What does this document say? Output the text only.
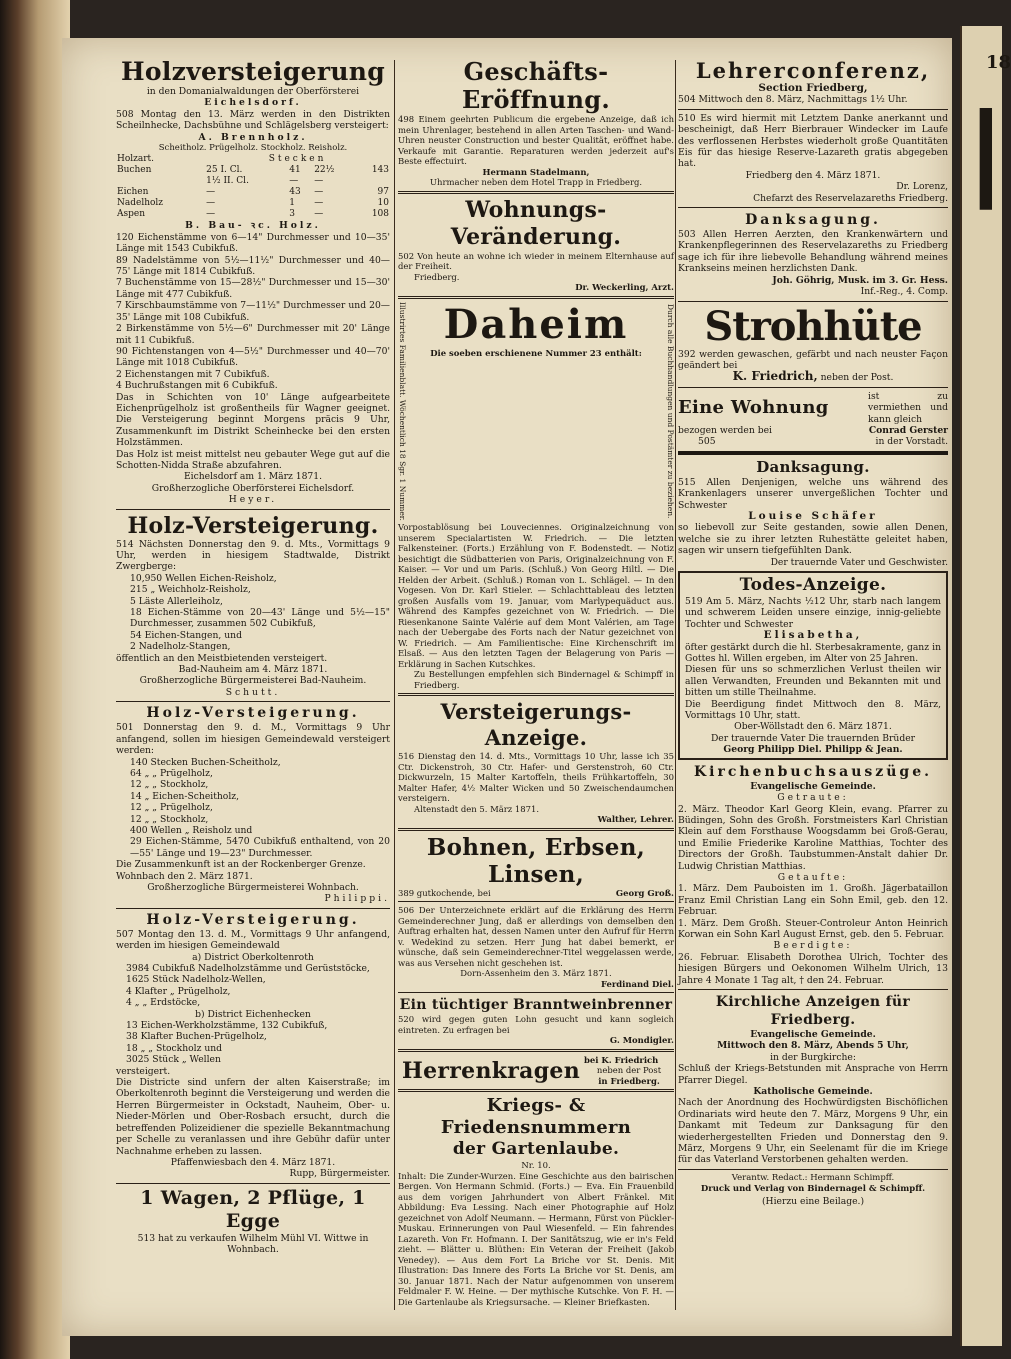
18
∣

Holzversteigerung

in den Domanialwaldungen der Oberförsterei

Eichelsdorf.

508 Montag den 13. März werden in den Distrikten Scheilnhecke, Dachsbühne und Schlägelsberg versteigert:

A. Brennholz.

Scheitholz. Prügelholz. Stockholz. Reisholz.

Holzart.	Stecken			
Buchen	25 I. Cl.	41	22½	143
	1½ II. Cl.	—	—	
Eichen	—	43	—	97
Nadelholz	—	1	—	10
Aspen	—	3	—	108

B. Bau- ꝛc. Holz.

120 Eichenstämme von 6—14" Durchmesser und 10—35' Länge mit 1543 Cubikfuß.

89 Nadelstämme von 5½—11½" Durchmesser und 40—75' Länge mit 1814 Cubikfuß.

7 Buchenstämme von 15—28½" Durchmesser und 15—30' Länge mit 477 Cubikfuß.

7 Kirschbaumstämme von 7—11½" Durchmesser und 20—35' Länge mit 108 Cubikfuß.

2 Birkenstämme von 5½—6" Durchmesser mit 20' Länge mit 11 Cubikfuß.

90 Fichtenstangen von 4—5½" Durchmesser und 40—70' Länge mit 1018 Cubikfuß.

2 Eichenstangen mit 7 Cubikfuß.

4 Buchrußstangen mit 6 Cubikfuß.

Das in Schichten von 10' Länge aufgearbeitete Eichenprügelholz ist großentheils für Wagner geeignet. Die Versteigerung beginnt Morgens präcis 9 Uhr, Zusammenkunft im Distrikt Scheinhecke bei den ersten Holzstämmen.

Das Holz ist meist mittelst neu gebauter Wege gut auf die Schotten-Nidda Straße abzufahren.

Eichelsdorf am 1. März 1871.

Großherzogliche Oberförsterei Eichelsdorf.

Heyer.

Holz-Versteigerung.

514 Nächsten Donnerstag den 9. d. Mts., Vormittags 9 Uhr, werden in hiesigem Stadtwalde, Distrikt Zwergberge:

10,950 Wellen Eichen-Reisholz,

215 „ Weichholz-Reisholz,

5 Läste Allerleiholz,

18 Eichen-Stämme von 20—43' Länge und 5½—15" Durchmesser, zusammen 502 Cubikfuß,

54 Eichen-Stangen, und

2 Nadelholz-Stangen,

öffentlich an den Meistbietenden versteigert.

Bad-Nauheim am 4. März 1871.

Großherzogliche Bürgermeisterei Bad-Nauheim.

Schutt.

Holz-Versteigerung.

501 Donnerstag den 9. d. M., Vormittags 9 Uhr anfangend, sollen im hiesigen Gemeindewald versteigert werden:

140 Stecken Buchen-Scheitholz,

64 „ „ Prügelholz,

12 „ „ Stockholz,

14 „ Eichen-Scheitholz,

12 „ „ Prügelholz,

12 „ „ Stockholz,

400 Wellen „ Reisholz und

29 Eichen-Stämme, 5470 Cubikfuß enthaltend, von 20—55' Länge und 19—23" Durchmesser.

Die Zusammenkunft ist an der Rockenberger Grenze.

Wohnbach den 2. März 1871.

Großherzogliche Bürgermeisterei Wohnbach.

Philippi.

Holz-Versteigerung.

507 Montag den 13. d. M., Vormittags 9 Uhr anfangend, werden im hiesigen Gemeindewald

a) District Oberkoltenroth

3984 Cubikfuß Nadelholzstämme und Gerüststöcke,

1625 Stück Nadelholz-Wellen,

4 Klafter „ Prügelholz,

4 „ „ Erdstöcke,

b) District Eichenhecken

13 Eichen-Werkholzstämme, 132 Cubikfuß,

38 Klafter Buchen-Prügelholz,

18 „ „ Stockholz und

3025 Stück „ Wellen

versteigert.

Die Districte sind unfern der alten Kaiserstraße; im Oberkoltenroth beginnt die Versteigerung und werden die Herren Bürgermeister in Ockstadt, Nauheim, Ober- u. Nieder-Mörlen und Ober-Rosbach ersucht, durch die betreffenden Polizeidiener die spezielle Bekanntmachung per Schelle zu veranlassen und ihre Gebühr dafür unter Nachnahme erheben zu lassen.

Pfaffenwiesbach den 4. März 1871.

Rupp, Bürgermeister.

1 Wagen, 2 Pflüge, 1 Egge

513 hat zu verkaufen Wilhelm Mühl VI. Wittwe in Wohnbach.

Geschäfts-Eröffnung.

498 Einem geehrten Publicum die ergebene Anzeige, daß ich mein Uhrenlager, bestehend in allen Arten Taschen- und Wand-Uhren neuster Construction und bester Qualität, eröffnet habe. Verkaufe mit Garantie. Reparaturen werden jederzeit auf's Beste effectuirt.

Hermann Stadelmann,

Uhrmacher neben dem Hotel Trapp in Friedberg.

Wohnungs-Veränderung.

502 Von heute an wohne ich wieder in meinem Elternhause auf der Freiheit.

Friedberg.

Dr. Weckerling, Arzt.

Illustrirtes Familienblatt. Wöchentlich 18 Sgr. 1 Nummer. Daheim

Die soeben erschienene Nummer 23 enthält:	Durch alle Buchhandlungen und Postämter zu beziehen.

Vorpostablösung bei Louveciennes. Originalzeichnung von unserem Specialartisten W. Friedrich. — Die letzten Falkensteiner. (Forts.) Erzählung von F. Bodenstedt. — Notiz besichtigt die Südbatterien von Paris, Originalzeichnung von F. Kaiser. — Vor und um Paris. (Schluß.) Von Georg Hiltl. — Die Helden der Arbeit. (Schluß.) Roman von L. Schlägel. — In den Vogesen. Von Dr. Karl Stieler. — Schlachttableau des letzten großen Ausfalls vom 19. Januar, vom Marlypequäduct aus. Während des Kampfes gezeichnet von W. Friedrich. — Die Riesenkanone Sainte Valérie auf dem Mont Valérien, am Tage nach der Uebergabe des Forts nach der Natur gezeichnet von W. Friedrich. — Am Familientische: Eine Kirchenschrift im Elsaß. — Aus den letzten Tagen der Belagerung von Paris — Erklärung in Sachen Kutschkes.

Zu Bestellungen empfehlen sich Bindernagel & Schimpff in Friedberg.

Versteigerungs-Anzeige.

516 Dienstag den 14. d. Mts., Vormittags 10 Uhr, lasse ich 35 Ctr. Dickenstroh, 30 Ctr. Hafer- und Gerstenstroh, 60 Ctr. Dickwurzeln, 15 Malter Kartoffeln, theils Frühkartoffeln, 30 Malter Hafer, 4½ Malter Wicken und 50 Zweischendaumchen versteigern.

Altenstadt den 5. März 1871.

Walther, Lehrer.

Bohnen, Erbsen, Linsen,

389 gutkochende, bei	Georg Groß.

506 Der Unterzeichnete erklärt auf die Erklärung des Herrn Gemeinderechner Jung, daß er allerdings von demselben den Auftrag erhalten hat, dessen Namen unter den Aufruf für Herrn v. Wedekind zu setzen. Herr Jung hat dabei bemerkt, er wünsche, daß sein Gemeinderechner-Titel weggelassen werde, was aus Versehen nicht geschehen ist.

Dorn-Assenheim den 3. März 1871.

Ferdinand Diel.

Ein tüchtiger Branntweinbrenner

520 wird gegen guten Lohn gesucht und kann sogleich eintreten. Zu erfragen bei

G. Mondigler.

Herrenkragen bei K. Friedrich

neben der Post

in Friedberg.

Kriegs- & Friedensnummern

der Gartenlaube.

Nr. 10.

Inhalt: Die Zunder-Wurzen. Eine Geschichte aus den bairischen Bergen. Von Hermann Schmid. (Forts.) — Eva. Ein Frauenbild aus dem vorigen Jahrhundert von Albert Fränkel. Mit Abbildung: Eva Lessing. Nach einer Photographie auf Holz gezeichnet von Adolf Neumann. — Hermann, Fürst von Pückler-Muskau. Erinnerungen von Paul Wiesenfeld. — Ein fahrendes Lazareth. Von Fr. Hofmann. I. Der Sanitätszug, wie er in's Feld zieht. — Blätter u. Blüthen: Ein Veteran der Freiheit (Jakob Venedey). — Aus dem Fort La Briche vor St. Denis. Mit Illustration: Das Innere des Forts La Briche vor St. Denis, am 30. Januar 1871. Nach der Natur aufgenommen von unserem Feldmaler F. W. Heine. — Der mythische Kutschke. Von F. H. — Die Gartenlaube als Kriegsursache. — Kleiner Briefkasten.

Lehrerconferenz,

Section Friedberg,

504 Mittwoch den 8. März, Nachmittags 1½ Uhr.

510 Es wird hiermit mit Letztem Danke anerkannt und bescheinigt, daß Herr Bierbrauer Windecker im Laufe des verflossenen Herbstes wiederholt große Quantitäten Eis für das hiesige Reserve-Lazareth gratis abgegeben hat.

Friedberg den 4. März 1871.

Dr. Lorenz,

Chefarzt des Reservelazareths Friedberg.

Danksagung.

503 Allen Herren Aerzten, den Krankenwärtern und Krankenpflegerinnen des Reservelazareths zu Friedberg sage ich für ihre liebevolle Behandlung während meines Krankseins meinen herzlichsten Dank.

Joh. Göhrig, Musk. im 3. Gr. Hess.

Inf.-Reg., 4. Comp.

Strohhüte

392 werden gewaschen, gefärbt und nach neuster Façon geändert bei

K. Friedrich, neben der Post.

Eine Wohnung

ist zu vermiethen und kann gleich

bezogen werden bei	Conrad Gerster

505	in der Vorstadt.

Danksagung.

515 Allen Denjenigen, welche uns während des Krankenlagers unserer unvergeßlichen Tochter und Schwester

Louise Schäfer

so liebevoll zur Seite gestanden, sowie allen Denen, welche sie zu ihrer letzten Ruhestätte geleitet haben, sagen wir unsern tiefgefühlten Dank.

Der trauernde Vater und Geschwister.

Todes-Anzeige.

519 Am 5. März, Nachts ½12 Uhr, starb nach langem und schwerem Leiden unsere einzige, innig-geliebte Tochter und Schwester

Elisabetha,

öfter gestärkt durch die hl. Sterbesakramente, ganz in Gottes hl. Willen ergeben, im Alter von 25 Jahren.

Diesen für uns so schmerzlichen Verlust theilen wir allen Verwandten, Freunden und Bekannten mit und bitten um stille Theilnahme.

Die Beerdigung findet Mittwoch den 8. März, Vormittags 10 Uhr, statt.

Ober-Wöllstadt den 6. März 1871.

Der trauernde Vater Die trauernden Brüder

Georg Philipp Diel. Philipp & Jean.

Kirchenbuchsauszüge.

Evangelische Gemeinde.

Getraute:

2. März. Theodor Karl Georg Klein, evang. Pfarrer zu Büdingen, Sohn des Großh. Forstmeisters Karl Christian Klein auf dem Forsthause Woogsdamm bei Groß-Gerau, und Emilie Friederike Karoline Matthias, Tochter des Directors der Großh. Taubstummen-Anstalt dahier Dr. Ludwig Christian Matthias.

Getaufte:

1. März. Dem Pauboisten im 1. Großh. Jägerbataillon Franz Emil Christian Lang ein Sohn Emil, geb. den 12. Februar.

1. März. Dem Großh. Steuer-Controleur Anton Heinrich Korwan ein Sohn Karl August Ernst, geb. den 5. Februar.

Beerdigte:

26. Februar. Elisabeth Dorothea Ulrich, Tochter des hiesigen Bürgers und Oekonomen Wilhelm Ulrich, 13 Jahre 4 Monate 1 Tag alt, † den 24. Februar.

Kirchliche Anzeigen für Friedberg.

Evangelische Gemeinde.

Mittwoch den 8. März, Abends 5 Uhr,

in der Burgkirche:

Schluß der Kriegs-Betstunden mit Ansprache von Herrn Pfarrer Diegel.

Katholische Gemeinde.

Nach der Anordnung des Hochwürdigsten Bischöflichen Ordinariats wird heute den 7. März, Morgens 9 Uhr, ein Dankamt mit Tedeum zur Danksagung für den wiederhergestellten Frieden und Donnerstag den 9. März, Morgens 9 Uhr, ein Seelenamt für die im Kriege für das Vaterland Verstorbenen gehalten werden.

Verantw. Redact.: Hermann Schimpff.

Druck und Verlag von Bindernagel & Schimpff.

(Hierzu eine Beilage.)
